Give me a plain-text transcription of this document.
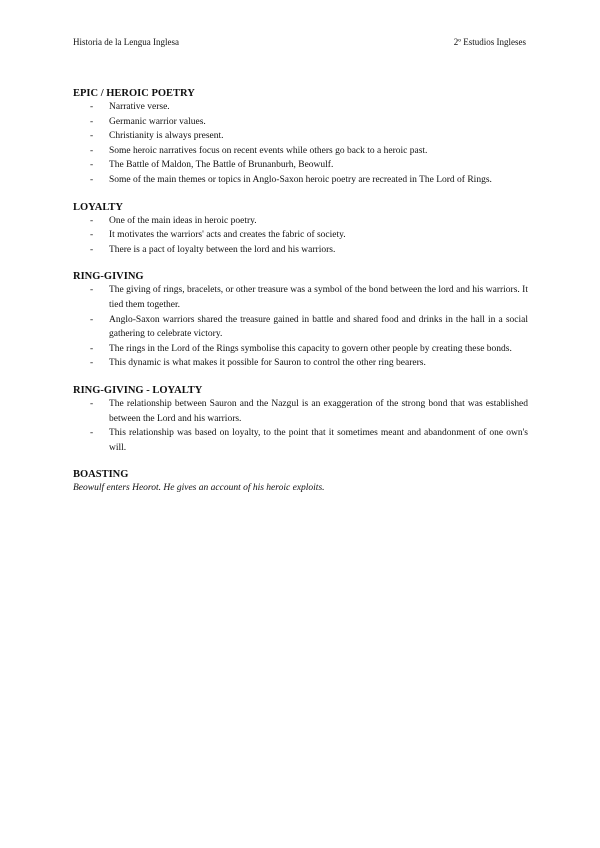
Historia de la Lengua Inglesa	2º Estudios Ingleses

EPIC / HEROIC POETRY

- Narrative verse.
- Germanic warrior values.
- Christianity is always present.
- Some heroic narratives focus on recent events while others go back to a heroic past.
- The Battle of Maldon, The Battle of Brunanburh, Beowulf.
- Some of the main themes or topics in Anglo-Saxon heroic poetry are recreated in The Lord of Rings.

LOYALTY

- One of the main ideas in heroic poetry.
- It motivates the warriors' acts and creates the fabric of society.
- There is a pact of loyalty between the lord and his warriors.

RING-GIVING

- The giving of rings, bracelets, or other treasure was a symbol of the bond between the lord and his warriors. It tied them together.
- Anglo-Saxon warriors shared the treasure gained in battle and shared food and drinks in the hall in a social gathering to celebrate victory.
- The rings in the Lord of the Rings symbolise this capacity to govern other people by creating these bonds.
- This dynamic is what makes it possible for Sauron to control the other ring bearers.

RING-GIVING - LOYALTY

- The relationship between Sauron and the Nazgul is an exaggeration of the strong bond that was established between the Lord and his warriors.
- This relationship was based on loyalty, to the point that it sometimes meant and abandonment of one own's will.

BOASTING

Beowulf enters Heorot. He gives an account of his heroic exploits.
